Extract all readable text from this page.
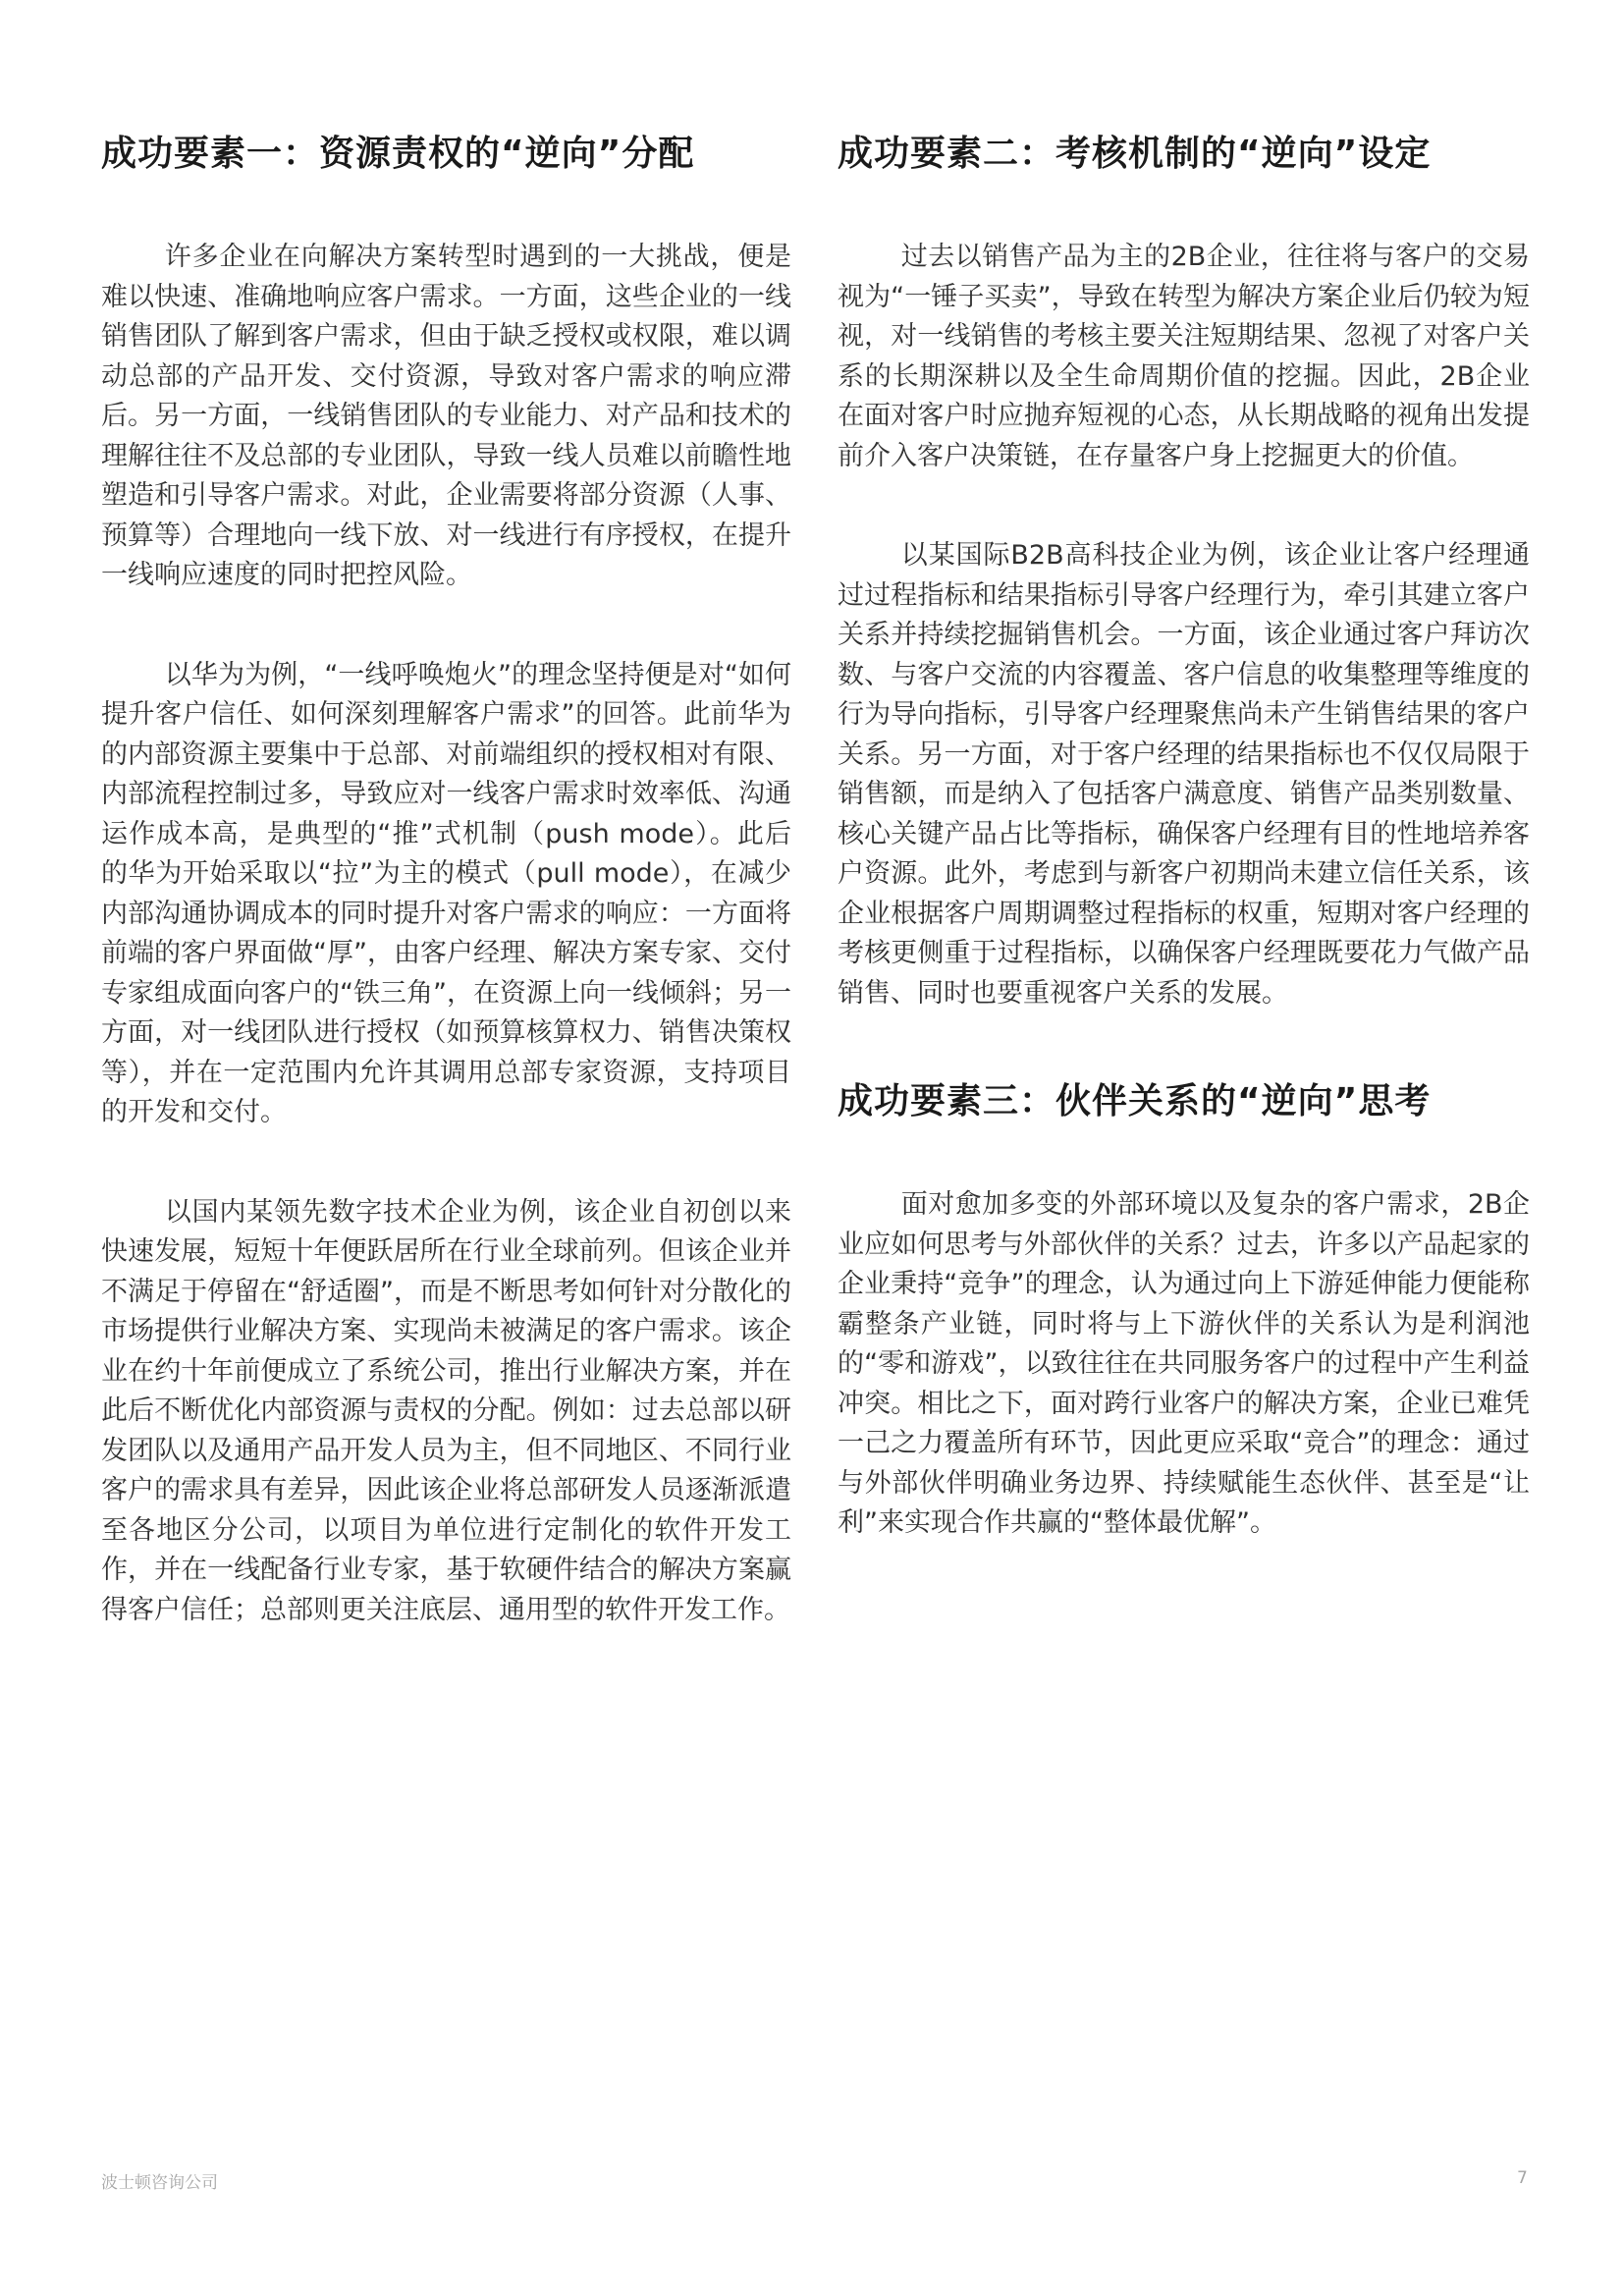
成功要素一：资源责权的“逆向”分配

许多企业在向解决方案转型时遇到的一大挑战，便是难以快速、准确地响应客户需求。一方面，这些企业的一线销售团队了解到客户需求，但由于缺乏授权或权限，难以调动总部的产品开发、交付资源，导致对客户需求的响应滞后。另一方面，一线销售团队的专业能力、对产品和技术的理解往往不及总部的专业团队，导致一线人员难以前瞻性地塑造和引导客户需求。对此，企业需要将部分资源（人事、预算等）合理地向一线下放、对一线进行有序授权，在提升一线响应速度的同时把控风险。

以华为为例，“一线呼唤炮火”的理念坚持便是对“如何提升客户信任、如何深刻理解客户需求”的回答。此前华为的内部资源主要集中于总部、对前端组织的授权相对有限、内部流程控制过多，导致应对一线客户需求时效率低、沟通运作成本高，是典型的“推”式机制（push mode）。此后的华为开始采取以“拉”为主的模式（pull mode），在减少内部沟通协调成本的同时提升对客户需求的响应：一方面将前端的客户界面做“厚”，由客户经理、解决方案专家、交付专家组成面向客户的“铁三角”，在资源上向一线倾斜；另一方面，对一线团队进行授权（如预算核算权力、销售决策权等），并在一定范围内允许其调用总部专家资源，支持项目的开发和交付。

以国内某领先数字技术企业为例，该企业自初创以来快速发展，短短十年便跃居所在行业全球前列。但该企业并不满足于停留在“舒适圈”，而是不断思考如何针对分散化的市场提供行业解决方案、实现尚未被满足的客户需求。该企业在约十年前便成立了系统公司，推出行业解决方案，并在此后不断优化内部资源与责权的分配。例如：过去总部以研发团队以及通用产品开发人员为主，但不同地区、不同行业客户的需求具有差异，因此该企业将总部研发人员逐渐派遣至各地区分公司，以项目为单位进行定制化的软件开发工作，并在一线配备行业专家，基于软硬件结合的解决方案赢得客户信任；总部则更关注底层、通用型的软件开发工作。

成功要素二：考核机制的“逆向”设定

过去以销售产品为主的2B企业，往往将与客户的交易视为“一锤子买卖”，导致在转型为解决方案企业后仍较为短视，对一线销售的考核主要关注短期结果、忽视了对客户关系的长期深耕以及全生命周期价值的挖掘。因此，2B企业在面对客户时应抛弃短视的心态，从长期战略的视角出发提前介入客户决策链，在存量客户身上挖掘更大的价值。

以某国际B2B高科技企业为例，该企业让客户经理通过过程指标和结果指标引导客户经理行为，牵引其建立客户关系并持续挖掘销售机会。一方面，该企业通过客户拜访次数、与客户交流的内容覆盖、客户信息的收集整理等维度的行为导向指标，引导客户经理聚焦尚未产生销售结果的客户关系。另一方面，对于客户经理的结果指标也不仅仅局限于销售额，而是纳入了包括客户满意度、销售产品类别数量、核心关键产品占比等指标，确保客户经理有目的性地培养客户资源。此外，考虑到与新客户初期尚未建立信任关系，该企业根据客户周期调整过程指标的权重，短期对客户经理的考核更侧重于过程指标，以确保客户经理既要花力气做产品销售、同时也要重视客户关系的发展。

成功要素三：伙伴关系的“逆向”思考

面对愈加多变的外部环境以及复杂的客户需求，2B企业应如何思考与外部伙伴的关系？过去，许多以产品起家的企业秉持“竞争”的理念，认为通过向上下游延伸能力便能称霸整条产业链，同时将与上下游伙伴的关系认为是利润池的“零和游戏”，以致往往在共同服务客户的过程中产生利益冲突。相比之下，面对跨行业客户的解决方案，企业已难凭一己之力覆盖所有环节，因此更应采取“竞合”的理念：通过与外部伙伴明确业务边界、持续赋能生态伙伴、甚至是“让利”来实现合作共赢的“整体最优解”。

波士顿咨询公司	7
